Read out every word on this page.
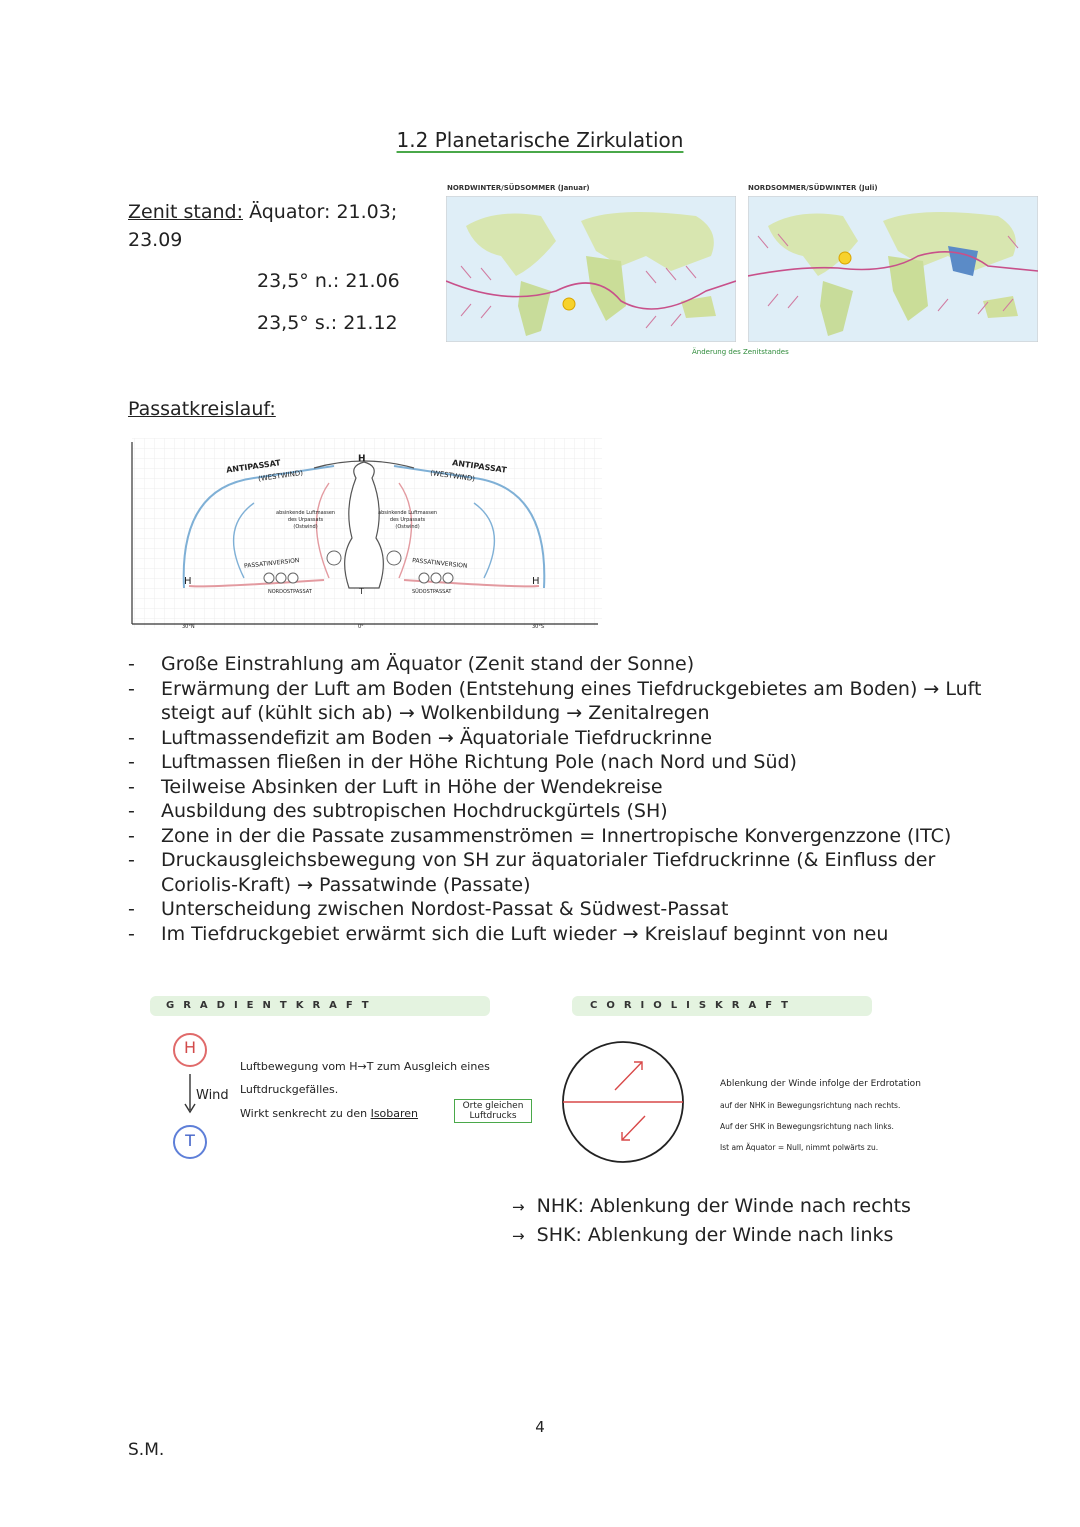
1.2 Planetarische Zirkulation
Zenit stand: Äquator: 21.03;
23.09
23,5° n.: 21.06
23,5° s.: 21.12
NORDWINTER/SÜDSOMMER (Januar)	NORDSOMMER/SÜDWINTER (Juli)
Änderung des Zenitstandes
Passatkreislauf:
ANTIPASSAT
(WESTWIND)
ANTIPASSAT
(WESTWIND)
absinkende Luftmassen
des Urpassats
(Ostwind)
absinkende Luftmassen
des Urpassats
(Ostwind)
PASSATINVERSION	PASSATINVERSION
NORDOSTPASSAT	SÜDOSTPASSAT
H
H	H
T
30°N	0°	30°S
- Große Einstrahlung am Äquator (Zenit stand der Sonne)
- Erwärmung der Luft am Boden (Entstehung eines Tiefdruckgebietes am Boden) → Luft steigt auf (kühlt sich ab) → Wolkenbildung → Zenitalregen
- Luftmassendefizit am Boden → Äquatoriale Tiefdruckrinne
- Luftmassen fließen in der Höhe Richtung Pole (nach Nord und Süd)
- Teilweise Absinken der Luft in Höhe der Wendekreise
- Ausbildung des subtropischen Hochdruckgürtels (SH)
- Zone in der die Passate zusammenströmen = Innertropische Konvergenzzone (ITC)
- Druckausgleichsbewegung von SH zur äquatorialer Tiefdruckrinne (& Einfluss der Coriolis-Kraft) → Passatwinde (Passate)
- Unterscheidung zwischen Nordost-Passat & Südwest-Passat
- Im Tiefdruckgebiet erwärmt sich die Luft wieder → Kreislauf beginnt von neu
GRADIENTKRAFT
H
T
Wind
Luftbewegung vom H→T zum Ausgleich eines
Luftdruckgefälles.
Wirkt senkrecht zu den Isobaren
Orte gleichen
Luftdrucks
CORIOLISKRAFT
Ablenkung der Winde infolge der Erdrotation
auf der NHK in Bewegungsrichtung nach rechts.
Auf der SHK in Bewegungsrichtung nach links.
Ist am Äquator = Null, nimmt polwärts zu.
→ NHK: Ablenkung der Winde nach rechts
→ SHK: Ablenkung der Winde nach links
4
S.M.
